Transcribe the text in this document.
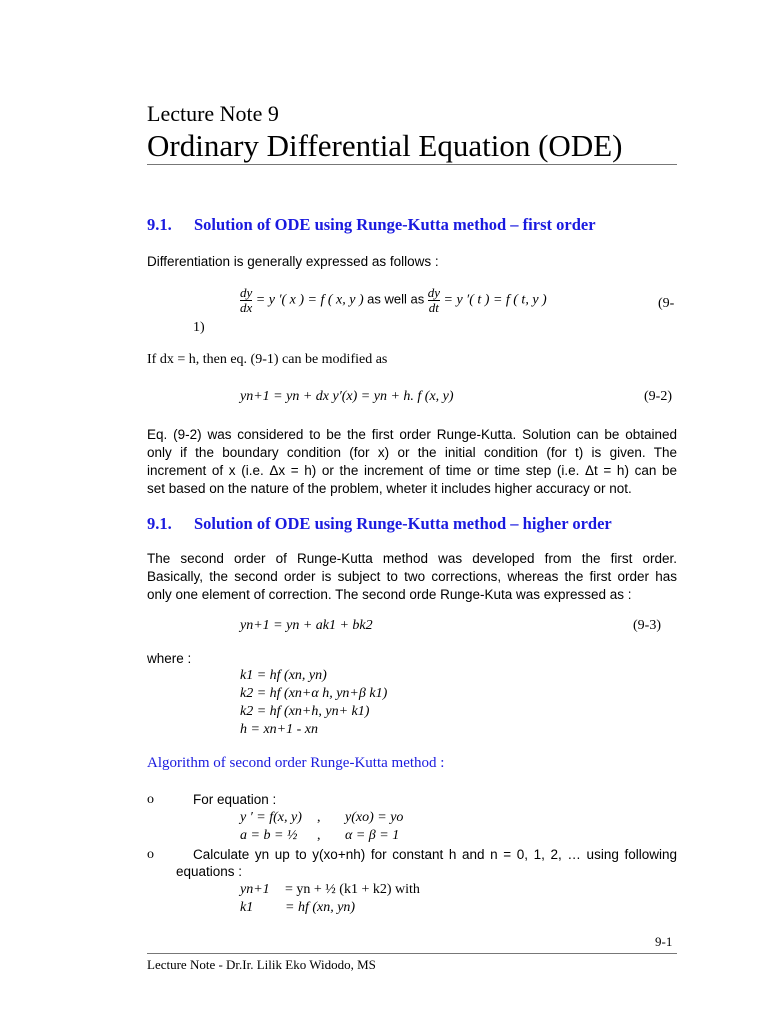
Lecture Note 9
Ordinary Differential Equation (ODE)
9.1. Solution of ODE using Runge-Kutta method – first order
Differentiation is generally expressed as follows :
$\frac{dy}{dx} = y$ ′( x ) = f ( x, y ) as well as $\frac{dy}{dt} = y$ ′( t ) = f ( t, y )	(9-
1)
If dx = h, then eq. (9-1) can be modified as
yn+1 = yn + dx y′(x) = yn + h. f (x, y)	(9-2)
Eq. (9-2) was considered to be the first order Runge-Kutta. Solution can be obtained
only if the boundary condition (for x) or the initial condition (for t) is given. The
increment of x (i.e. Δx = h) or the increment of time or time step (i.e. Δt = h) can be
set based on the nature of the problem, wheter it includes higher accuracy or not.
9.1. Solution of ODE using Runge-Kutta method – higher order
The second order of Runge-Kutta method was developed from the first order.
Basically, the second order is subject to two corrections, whereas the first order has
only one element of correction. The second orde Runge-Kuta was expressed as :
yn+1 = yn + ak1 + bk2	(9-3)
where :
k1 = hf (xn, yn)
k2 = hf (xn+α h, yn+β k1)
k2 = hf (xn+h, yn+ k1)
h = xn+1 - xn
Algorithm of second order Runge-Kutta method :
o	For equation :
y ′ = f(x, y) , y(xo) = yo
a = b = ½ , α = β = 1
o	Calculate yn up to y(xo+nh) for constant h and n = 0, 1, 2, … using following
equations :
yn+1 = yn + ½ (k1 + k2) with
k1 = hf (xn, yn)
9-1
Lecture Note - Dr.Ir. Lilik Eko Widodo, MS
